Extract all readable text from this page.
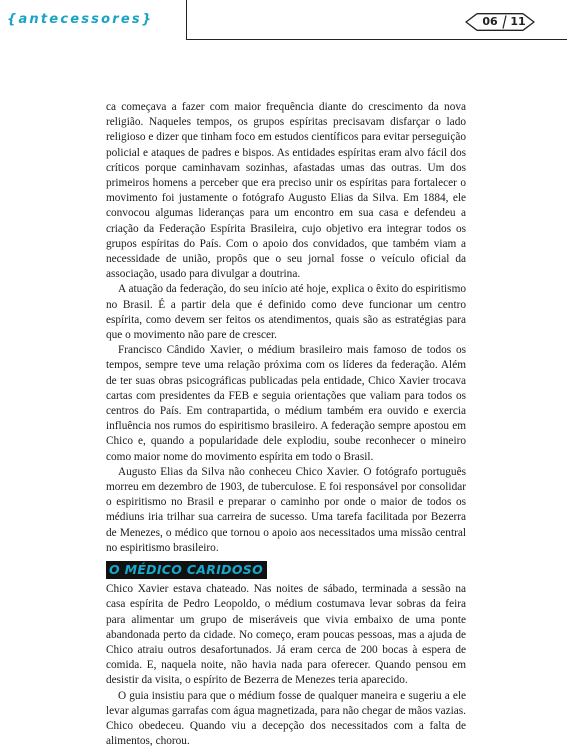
{antecessores}	06 11

ca começava a fazer com maior frequência diante do crescimento da nova religião. Naqueles tempos, os grupos espíritas precisavam disfarçar o lado religioso e dizer que tinham foco em estudos científicos para evitar perseguição policial e ataques de padres e bispos. As entidades espíritas eram alvo fácil dos críticos porque caminhavam sozinhas, afastadas umas das outras. Um dos primeiros homens a perceber que era preciso unir os espíritas para fortalecer o movimento foi justamente o fotógrafo Augusto Elias da Silva. Em 1884, ele convocou algumas lideranças para um encontro em sua casa e defendeu a criação da Federação Espírita Brasileira, cujo objetivo era integrar todos os grupos espíritas do País. Com o apoio dos convidados, que também viam a necessidade de união, propôs que o seu jornal fosse o veículo oficial da associação, usado para divulgar a doutrina.

A atuação da federação, do seu início até hoje, explica o êxito do espiritismo no Brasil. É a partir dela que é definido como deve funcionar um centro espírita, como devem ser feitos os atendimentos, quais são as estratégias para que o movimento não pare de crescer.

Francisco Cândido Xavier, o médium brasileiro mais famoso de todos os tempos, sempre teve uma relação próxima com os líderes da federação. Além de ter suas obras psicográficas publicadas pela entidade, Chico Xavier trocava cartas com presidentes da FEB e seguia orientações que valiam para todos os centros do País. Em contrapartida, o médium também era ouvido e exercia influência nos rumos do espiritismo brasileiro. A federação sempre apostou em Chico e, quando a popularidade dele explodiu, soube reconhecer o mineiro como maior nome do movimento espírita em todo o Brasil.

Augusto Elias da Silva não conheceu Chico Xavier. O fotógrafo português morreu em dezembro de 1903, de tuberculose. E foi responsável por consolidar o espiritismo no Brasil e preparar o caminho por onde o maior de todos os médiuns iria trilhar sua carreira de sucesso. Uma tarefa facilitada por Bezerra de Menezes, o médico que tornou o apoio aos necessitados uma missão central no espiritismo brasileiro.

O MÉDICO CARIDOSO

Chico Xavier estava chateado. Nas noites de sábado, terminada a sessão na casa espírita de Pedro Leopoldo, o médium costumava levar sobras da feira para alimentar um grupo de miseráveis que vivia embaixo de uma ponte abandonada perto da cidade. No começo, eram poucas pessoas, mas a ajuda de Chico atraiu outros desafortunados. Já eram cerca de 200 bocas à espera de comida. E, naquela noite, não havia nada para oferecer. Quando pensou em desistir da visita, o espírito de Bezerra de Menezes teria aparecido.

O guia insistiu para que o médium fosse de qualquer maneira e sugeriu a ele levar algumas garrafas com água magnetizada, para não chegar de mãos vazias. Chico obedeceu. Quando viu a decepção dos necessitados com a falta de alimentos, chorou.
